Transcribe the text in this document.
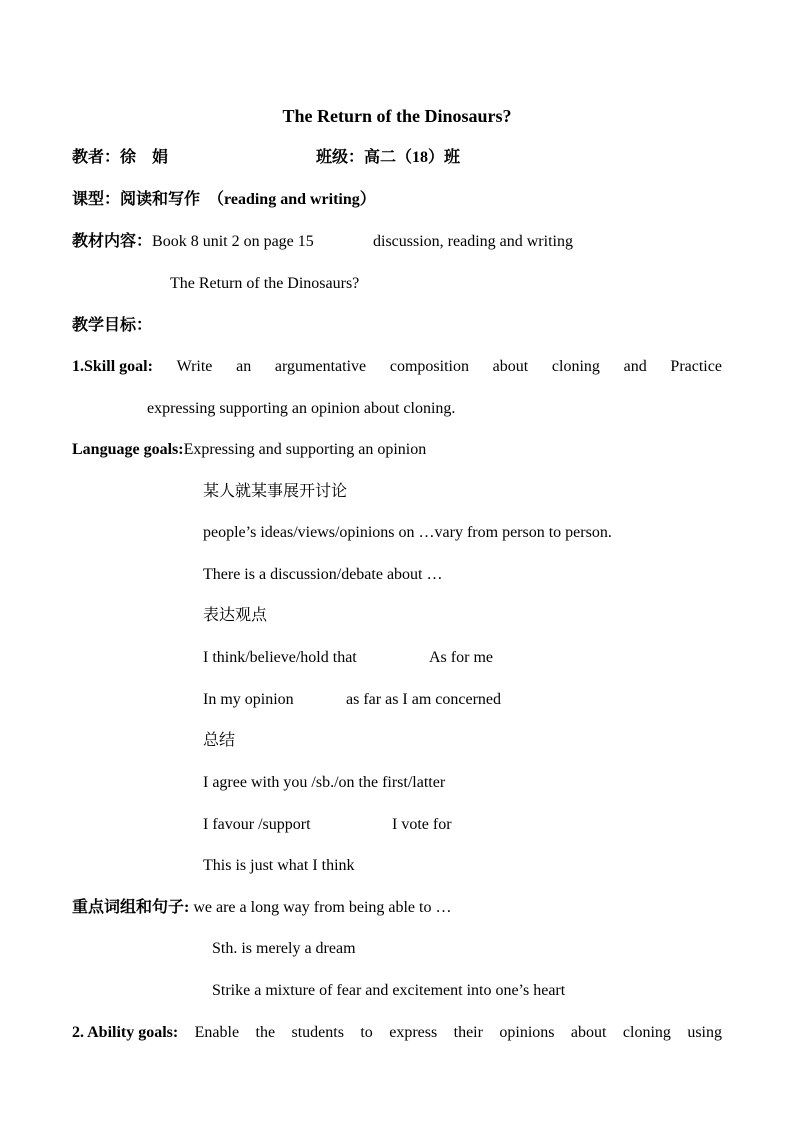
The Return of the Dinosaurs?
教者：徐　娟	班级：高二（18）班
课型：阅读和写作 （reading and writing）
教材内容：Book 8 unit 2 on page 15	discussion, reading and writing
The Return of the Dinosaurs?
教学目标：
1.Skill goal: Write an argumentative composition about cloning and Practice
expressing supporting an opinion about cloning.
Language goals:Expressing and supporting an opinion
某人就某事展开讨论
people’s ideas/views/opinions on …vary from person to person.
There is a discussion/debate about …
表达观点
I think/believe/hold that	As for me
In my opinion	as far as I am concerned
总结
I agree with you /sb./on the first/latter
I favour /support	I vote for
This is just what I think
重点词组和句子: we are a long way from being able to …
Sth. is merely a dream
Strike a mixture of fear and excitement into one’s heart
2. Ability goals: Enable the students to express their opinions about cloning using
